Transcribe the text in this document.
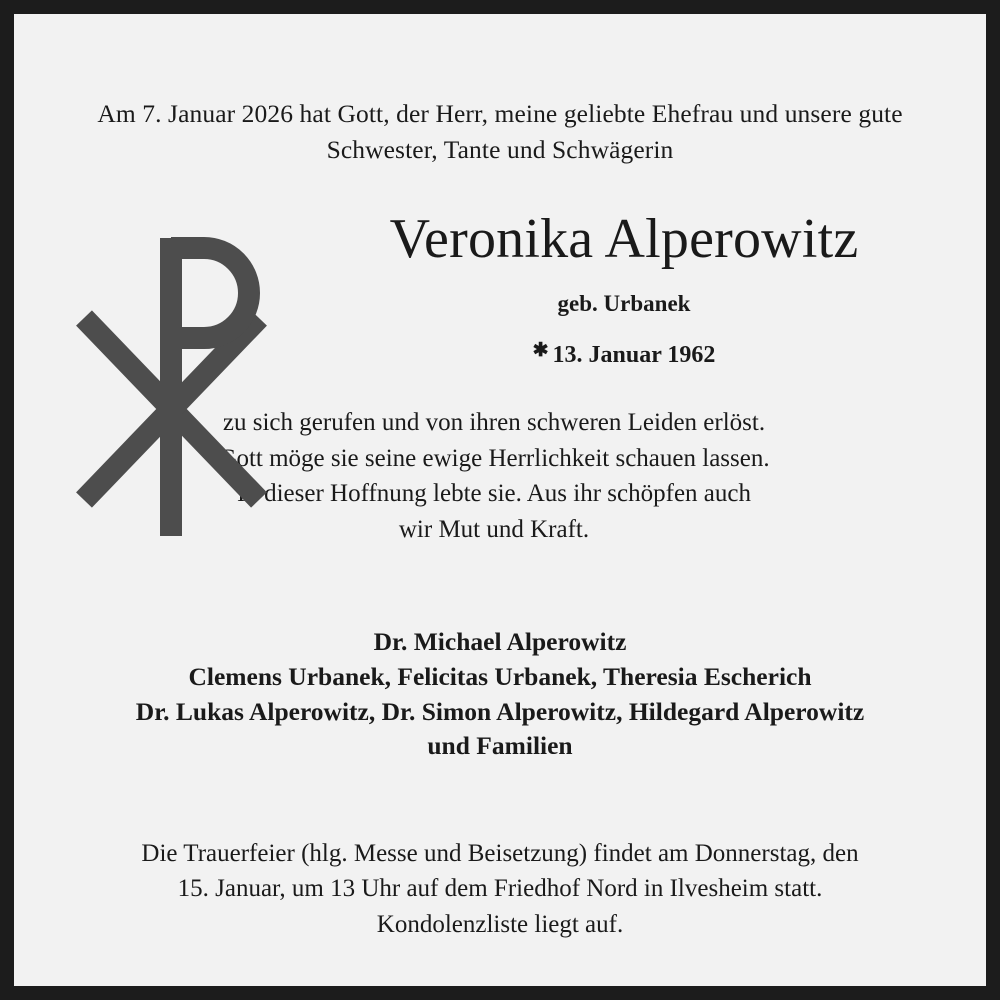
Am 7. Januar 2026 hat Gott, der Herr, meine geliebte Ehefrau und unsere gute Schwester, Tante und Schwägerin
Veronika Alperowitz
geb. Urbanek
✱ 13. Januar 1962
zu sich gerufen und von ihren schweren Leiden erlöst.
Gott möge sie seine ewige Herrlichkeit schauen lassen.
In dieser Hoffnung lebte sie. Aus ihr schöpfen auch
wir Mut und Kraft.
Dr. Michael Alperowitz
Clemens Urbanek, Felicitas Urbanek, Theresia Escherich
Dr. Lukas Alperowitz, Dr. Simon Alperowitz, Hildegard Alperowitz
und Familien
Die Trauerfeier (hlg. Messe und Beisetzung) findet am Donnerstag, den
15. Januar, um 13 Uhr auf dem Friedhof Nord in Ilvesheim statt.
Kondolenzliste liegt auf.
